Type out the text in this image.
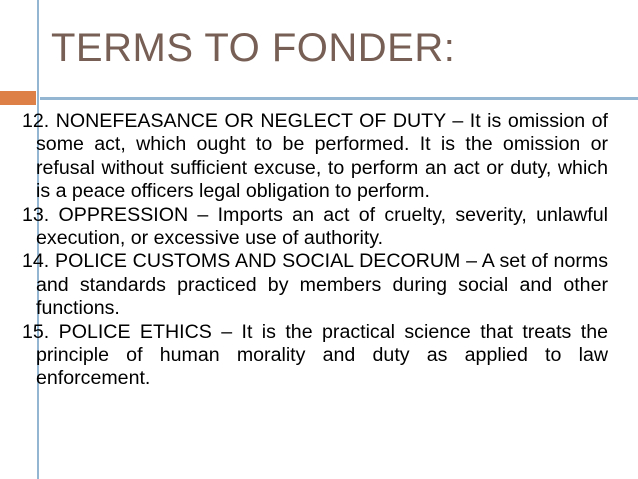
TERMS TO FONDER:

12. NONEFEASANCE OR NEGLECT OF DUTY – It is omission of some act, which ought to be performed. It is the omission or refusal without sufficient excuse, to perform an act or duty, which is a peace officers legal obligation to perform.

13. OPPRESSION – Imports an act of cruelty, severity, unlawful execution, or excessive use of authority.

14. POLICE CUSTOMS AND SOCIAL DECORUM – A set of norms and standards practiced by members during social and other functions.

15. POLICE ETHICS – It is the practical science that treats the principle of human morality and duty as applied to law enforcement.
